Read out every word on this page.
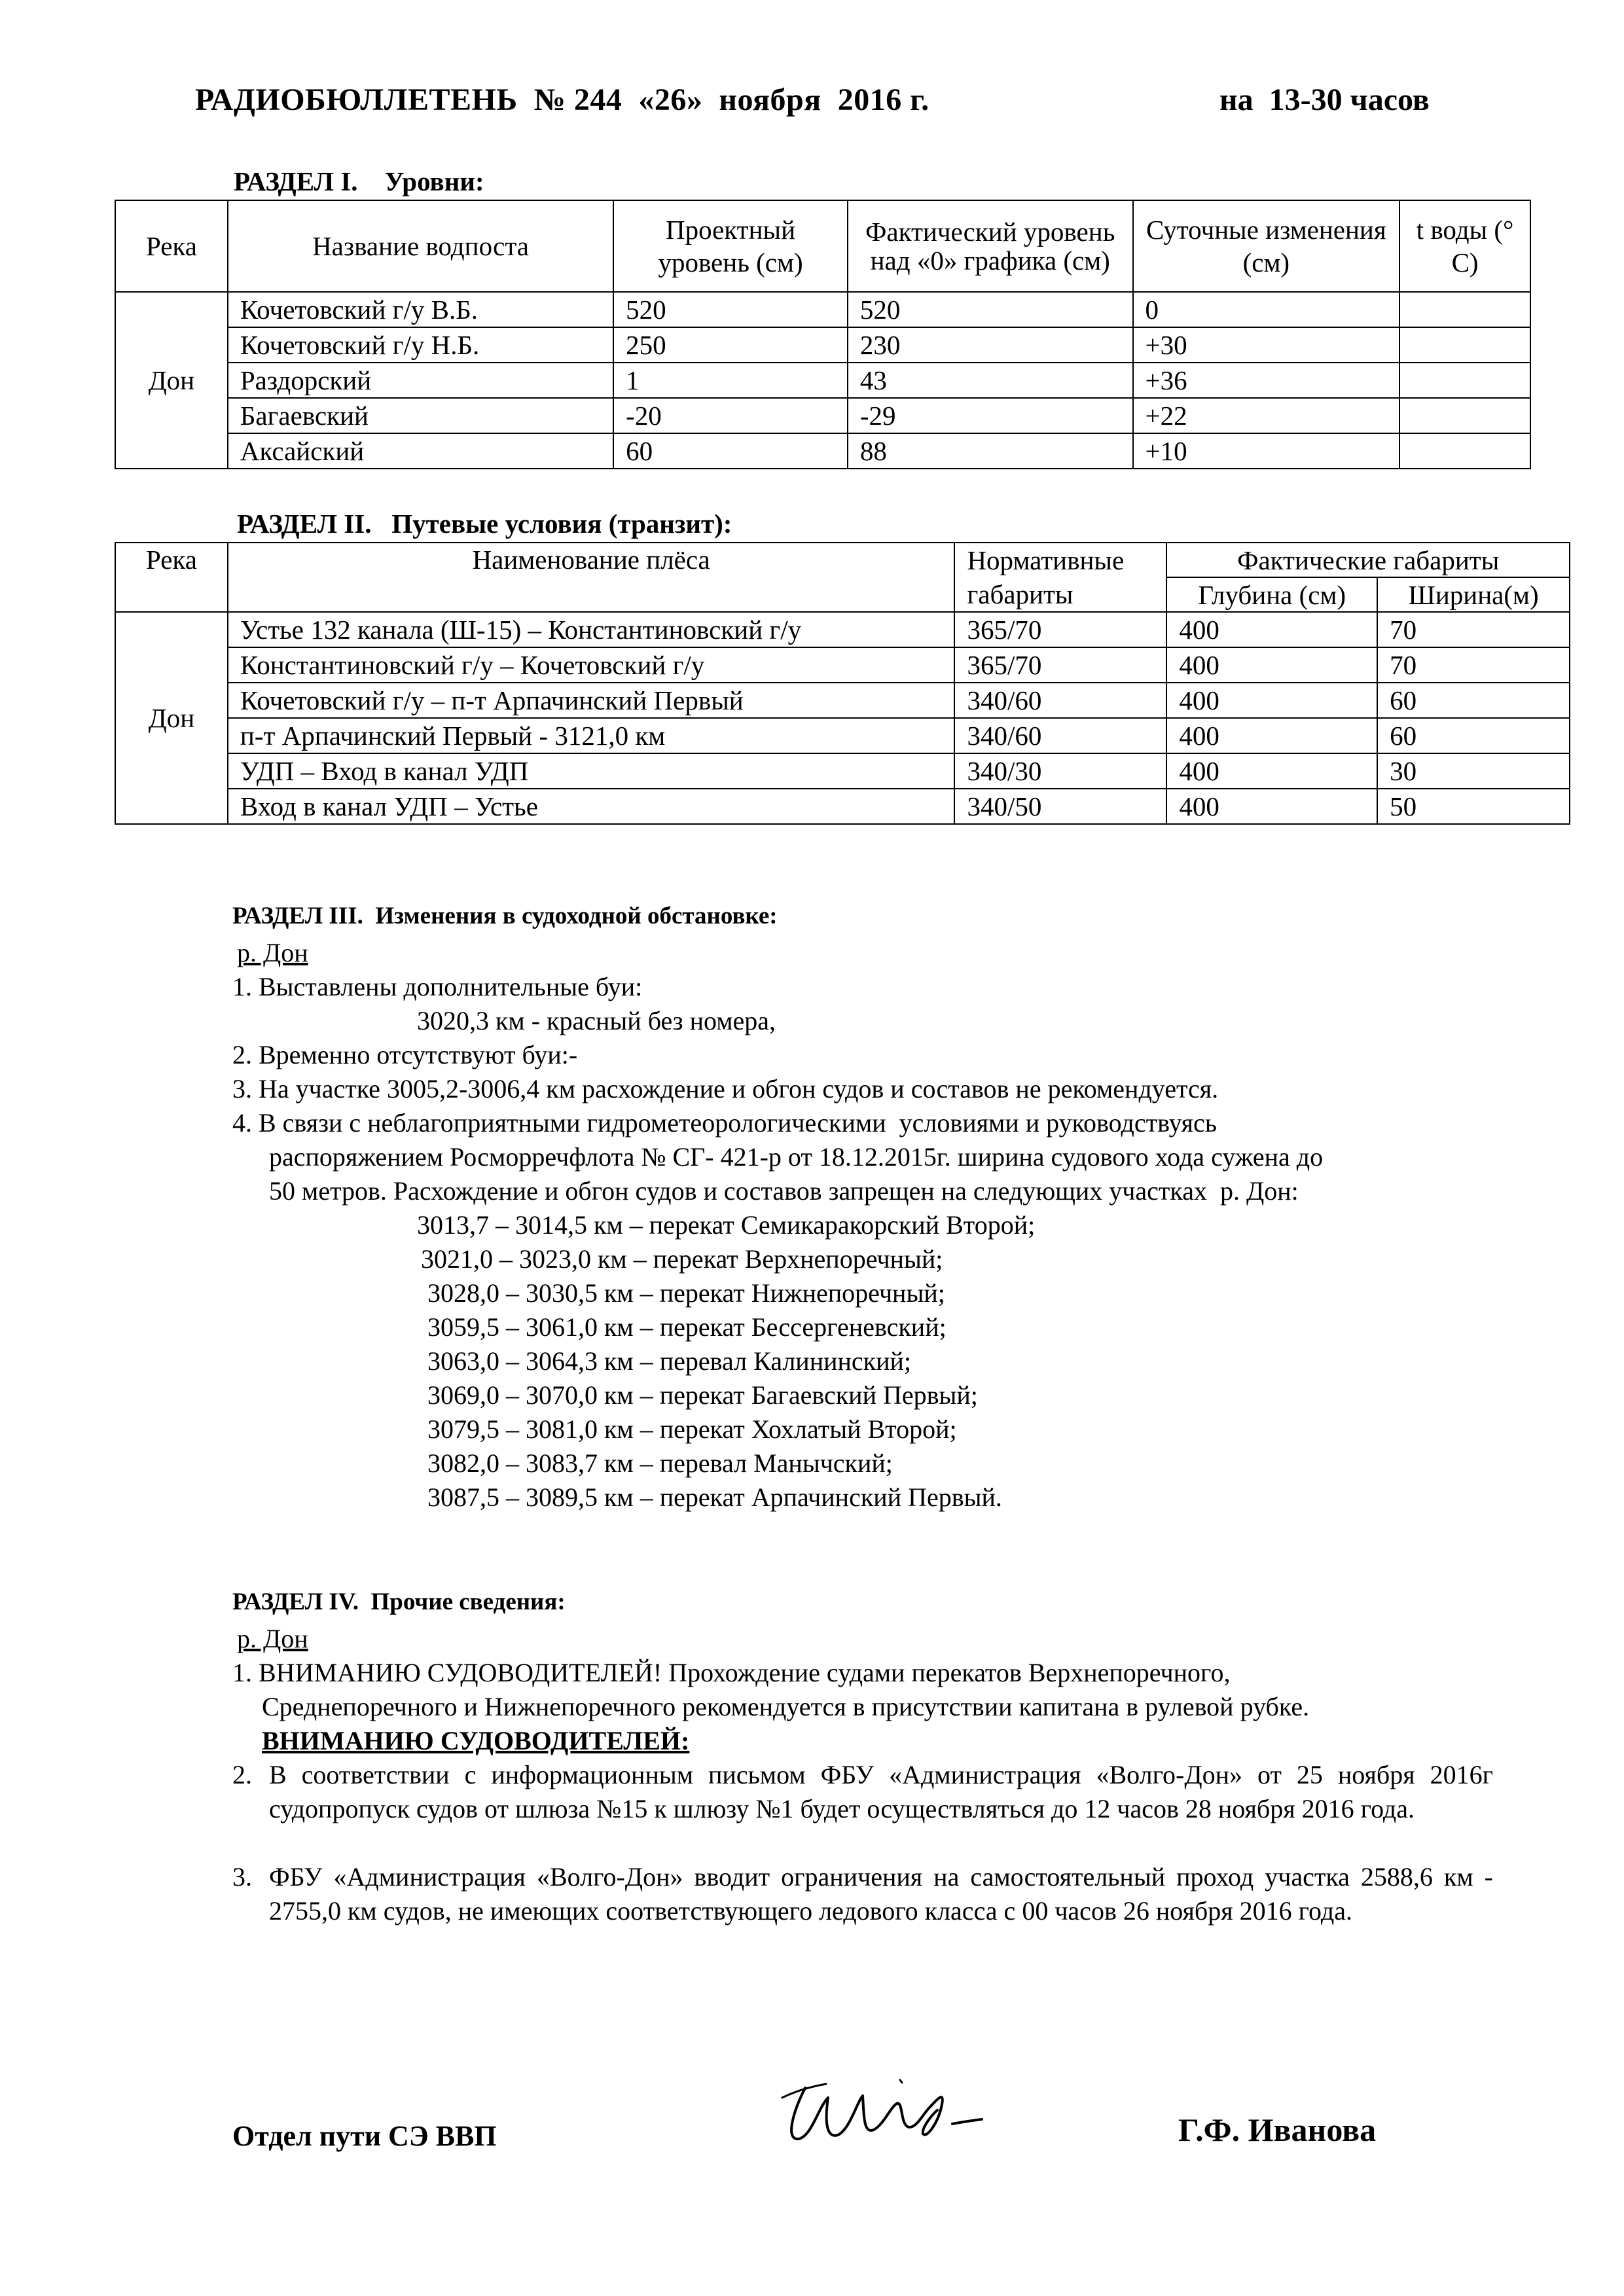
РАДИОБЮЛЛЕТЕНЬ  № 244  «26»  ноября  2016 г.	на  13-30 часов
РАЗДЕЛ I.    Уровни:
Река	Название водпоста	Проектный уровень (см)	Фактический уровень над «0» графика (см)	Суточные изменения (см)	t воды (° С)
Дон	Кочетовский г/у В.Б.	520	520	0	
	Кочетовский г/у Н.Б.	250	230	+30	
	Раздорский	1	43	+36	
	Багаевский	-20	-29	+22	
	Аксайский	60	88	+10	
РАЗДЕЛ II.   Путевые условия (транзит):
Река	Наименование плёса	Нормативные габариты	Фактические габариты	
			Глубина (см)	Ширина(м)
Дон	Устье 132 канала (Ш-15) – Константиновский г/у	365/70	400	70
	Константиновский г/у – Кочетовский г/у	365/70	400	70
	Кочетовский г/у – п-т Арпачинский Первый	340/60	400	60
	п-т Арпачинский Первый - 3121,0 км	340/60	400	60
	УДП – Вход в канал УДП	340/30	400	30
	Вход в канал УДП – Устье	340/50	400	50
РАЗДЕЛ III.  Изменения в судоходной обстановке:
р. Дон
1. Выставлены дополнительные буи:
3020,3 км - красный без номера,
2. Временно отсутствуют буи:-
3. На участке 3005,2-3006,4 км расхождение и обгон судов и составов не рекомендуется.
4. В связи с неблагоприятными гидрометеорологическими  условиями и руководствуясь
распоряжением Росморречфлота № СГ- 421-р от 18.12.2015г. ширина судового хода сужена до
50 метров. Расхождение и обгон судов и составов запрещен на следующих участках  р. Дон:
3013,7 – 3014,5 км – перекат Семикаракорский Второй;
3021,0 – 3023,0 км – перекат Верхнепоречный;
3028,0 – 3030,5 км – перекат Нижнепоречный;
3059,5 – 3061,0 км – перекат Бессергеневский;
3063,0 – 3064,3 км – перевал Калининский;
3069,0 – 3070,0 км – перекат Багаевский Первый;
3079,5 – 3081,0 км – перекат Хохлатый Второй;
3082,0 – 3083,7 км – перевал Манычский;
3087,5 – 3089,5 км – перекат Арпачинский Первый.
РАЗДЕЛ IV.  Прочие сведения:
р. Дон
1. ВНИМАНИЮ СУДОВОДИТЕЛЕЙ! Прохождение судами перекатов Верхнепоречного,
Среднепоречного и Нижнепоречного рекомендуется в присутствии капитана в рулевой рубке.
ВНИМАНИЮ СУДОВОДИТЕЛЕЙ:
2. В соответствии с информационным письмом ФБУ «Администрация «Волго-Дон» от 25 ноября 2016г судопропуск судов от шлюза №15 к шлюзу №1 будет осуществляться до 12 часов 28 ноября 2016 года.
3. ФБУ «Администрация «Волго-Дон» вводит ограничения на самостоятельный проход участка 2588,6 км - 2755,0 км судов, не имеющих соответствующего ледового класса с 00 часов 26 ноября 2016 года.
Отдел пути СЭ ВВП	Г.Ф. Иванова
